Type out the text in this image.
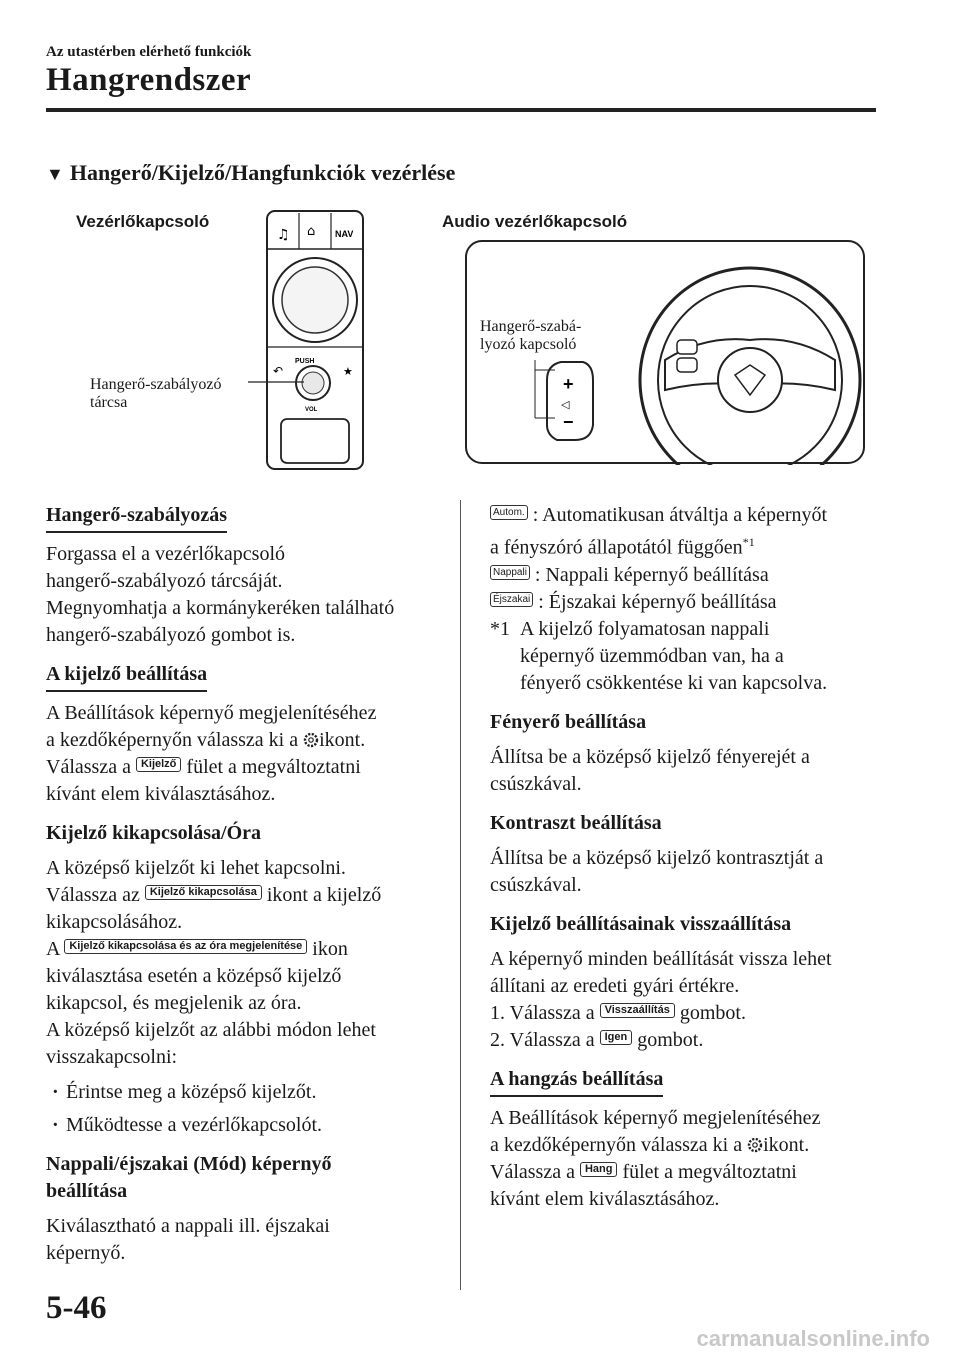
Az utastérben elérhető funkciók
Hangrendszer
▼ Hangerő/Kijelző/Hangfunkciók vezérlése
Vezérlőkapcsoló
♫ ⌂ NAV
PUSH
↶	★
VOL
Hangerő-szabályozó
tárcsa
Audio vezérlőkapcsoló
+
◁
−
Hangerő-szabá-
lyozó kapcsoló

Hangerő-szabályozás

Forgassa el a vezérlőkapcsoló

hangerő-szabályozó tárcsáját.

Megnyomhatja a kormánykeréken található

hangerő-szabályozó gombot is.

A kijelző beállítása

A Beállítások képernyő megjelenítéséhez

a kezdőképernyőn válassza ki a ikont.

Válassza a Kijelző fület a megváltoztatni

kívánt elem kiválasztásához.

Kijelző kikapcsolása/Óra

A középső kijelzőt ki lehet kapcsolni.

Válassza az Kijelző kikapcsolása ikont a kijelző

kikapcsolásához.

A Kijelző kikapcsolása és az óra megjelenítése ikon

kiválasztása esetén a középső kijelző

kikapcsol, és megjelenik az óra.

A középső kijelzőt az alábbi módon lehet

visszakapcsolni:

· Érintse meg a középső kijelzőt.

· Működtesse a vezérlőkapcsolót.

Nappali/éjszakai (Mód) képernyő

beállítása

Kiválasztható a nappali ill. éjszakai

képernyő.

Autom. : Automatikusan átváltja a képernyőt

a fényszóró állapotától függően$^{*1}$

Nappali : Nappali képernyő beállítása

Éjszakai : Éjszakai képernyő beállítása

*1 A kijelző folyamatosan nappali

képernyő üzemmódban van, ha a

fényerő csökkentése ki van kapcsolva.

Fényerő beállítása

Állítsa be a középső kijelző fényerejét a

csúszkával.

Kontraszt beállítása

Állítsa be a középső kijelző kontrasztját a

csúszkával.

Kijelző beállításainak visszaállítása

A képernyő minden beállítását vissza lehet

állítani az eredeti gyári értékre.

1. Válassza a Visszaállítás gombot.

2. Válassza a Igen gombot.

A hangzás beállítása

A Beállítások képernyő megjelenítéséhez

a kezdőképernyőn válassza ki a ikont.

Válassza a Hang fület a megváltoztatni

kívánt elem kiválasztásához.

5-46
carmanualsonline.info
